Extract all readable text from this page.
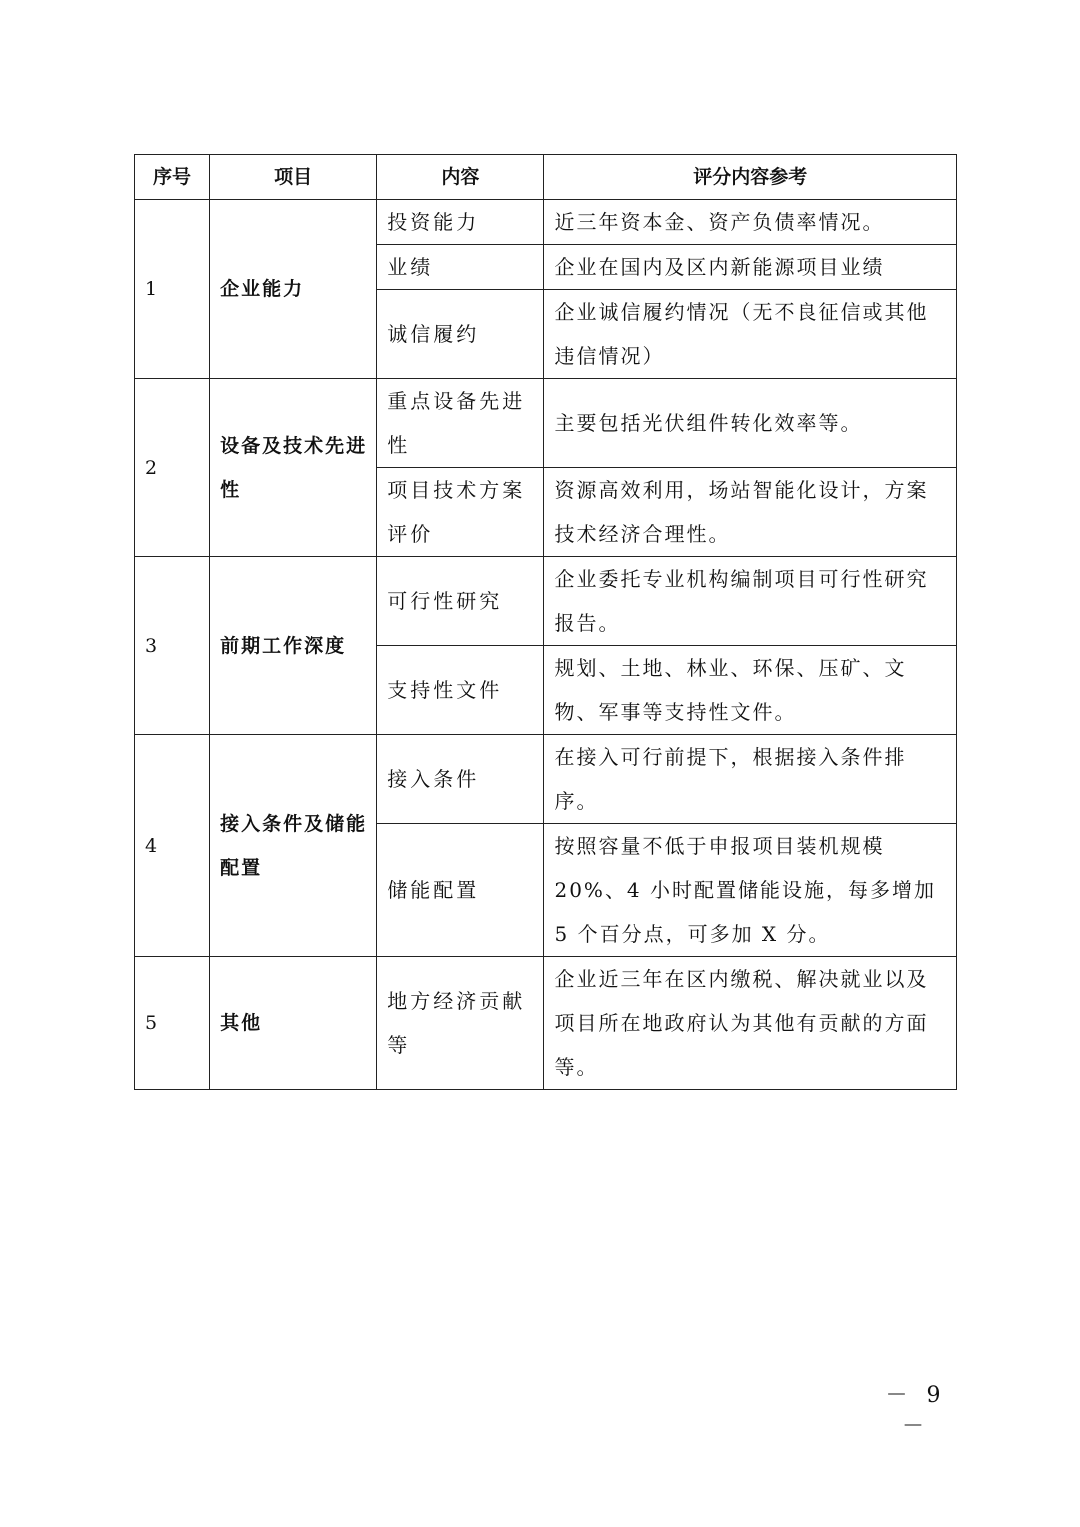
序号	项目	内容	评分内容参考
1	企业能力	投资能力	近三年资本金、资产负债率情况。
		业绩	企业在国内及区内新能源项目业绩
		诚信履约	企业诚信履约情况（无不良征信或其他违信情况）
2	设备及技术先进性	重点设备先进性	主要包括光伏组件转化效率等。
		项目技术方案评价	资源高效利用，场站智能化设计，方案技术经济合理性。
3	前期工作深度	可行性研究	企业委托专业机构编制项目可行性研究报告。
		支持性文件	规划、土地、林业、环保、压矿、文物、军事等支持性文件。
4	接入条件及储能配置	接入条件	在接入可行前提下，根据接入条件排序。
		储能配置	按照容量不低于申报项目装机规模 20%、4 小时配置储能设施，每多增加 5 个百分点，可多加 X 分。
5	其他	地方经济贡献等	企业近三年在区内缴税、解决就业以及项目所在地政府认为其他有贡献的方面等。
－ 9 －
